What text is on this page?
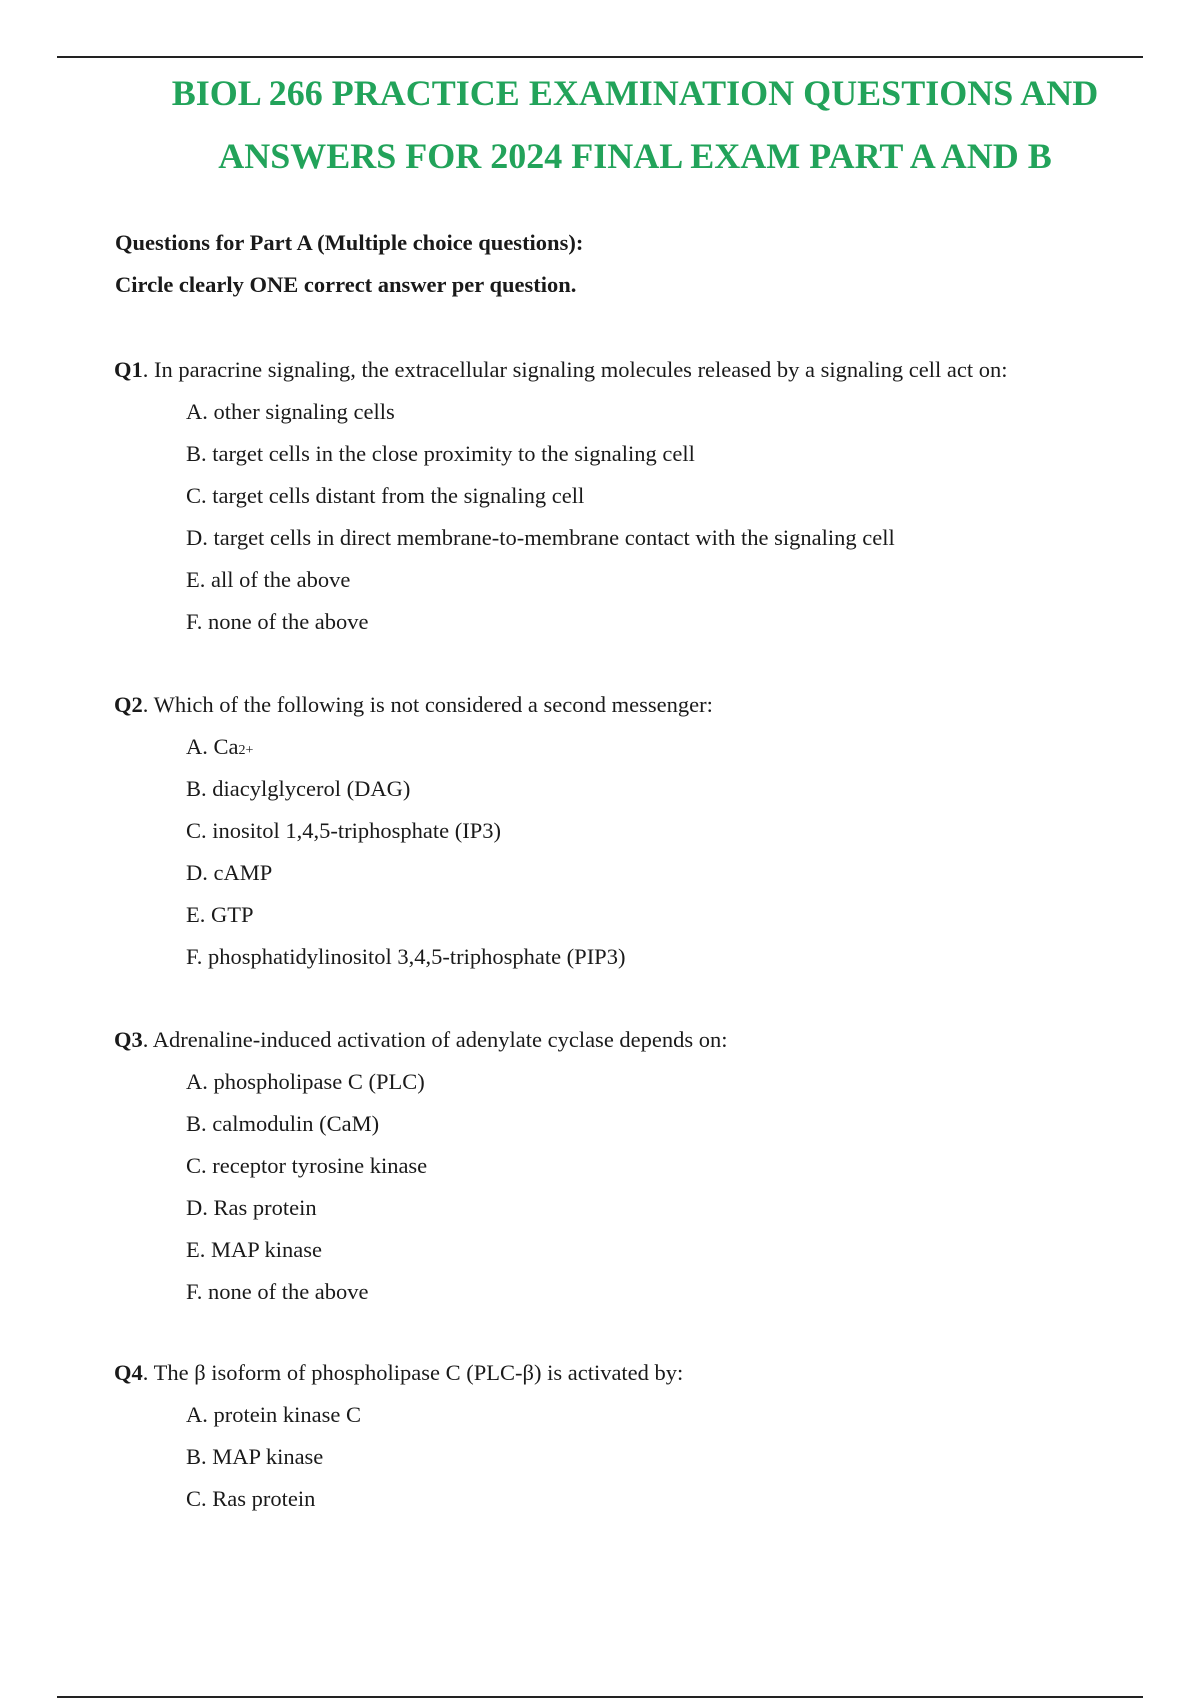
BIOL 266 PRACTICE EXAMINATION QUESTIONS AND
ANSWERS FOR 2024 FINAL EXAM PART A AND B
Questions for Part A (Multiple choice questions):
Circle clearly ONE correct answer per question.
Q1. In paracrine signaling, the extracellular signaling molecules released by a signaling cell act on:
A. other signaling cells
B. target cells in the close proximity to the signaling cell
C. target cells distant from the signaling cell
D. target cells in direct membrane-to-membrane contact with the signaling cell
E. all of the above
F. none of the above
Q2. Which of the following is not considered a second messenger:
A. Ca2+
B. diacylglycerol (DAG)
C. inositol 1,4,5-triphosphate (IP3)
D. cAMP
E. GTP
F. phosphatidylinositol 3,4,5-triphosphate (PIP3)
Q3. Adrenaline-induced activation of adenylate cyclase depends on:
A. phospholipase C (PLC)
B. calmodulin (CaM)
C. receptor tyrosine kinase
D. Ras protein
E. MAP kinase
F. none of the above
Q4. The β isoform of phospholipase C (PLC-β) is activated by:
A. protein kinase C
B. MAP kinase
C. Ras protein
